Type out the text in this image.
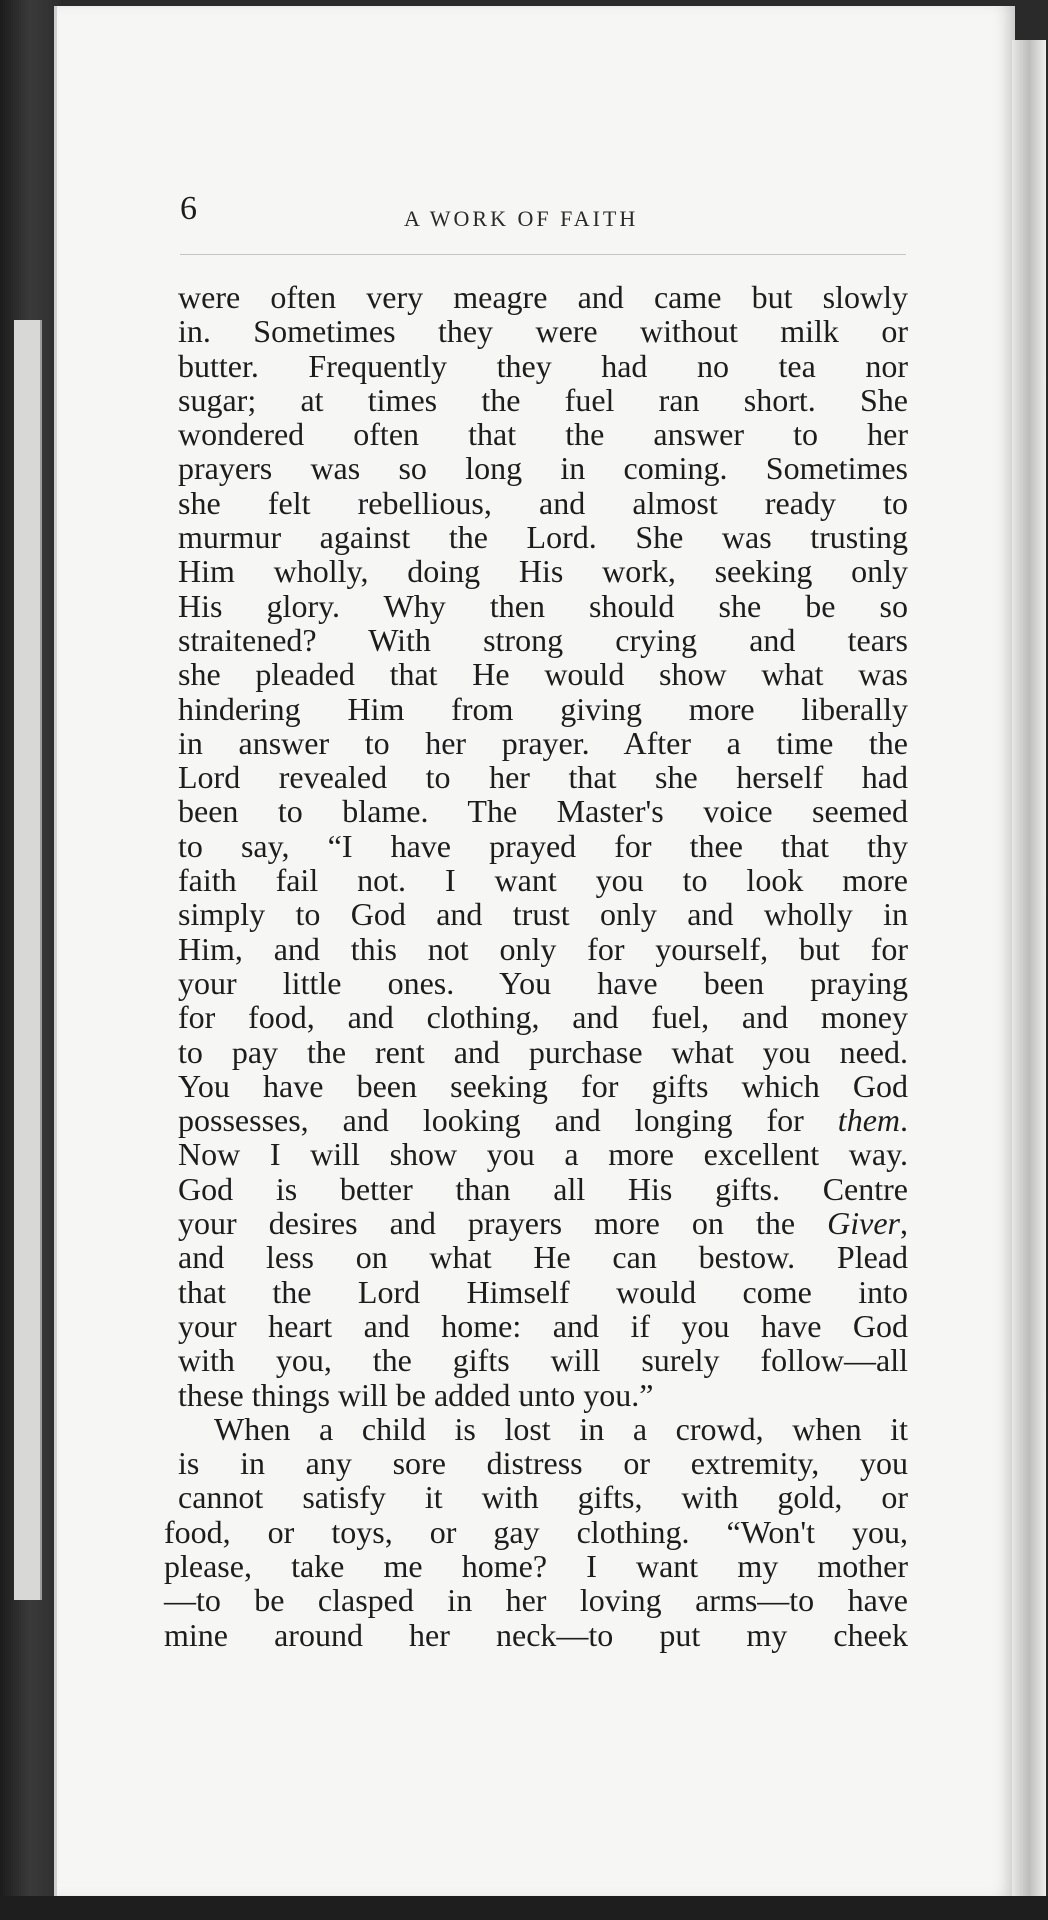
6	A WORK OF FAITH
were often very meagre and came but slowly
in. Sometimes they were without milk or
butter. Frequently they had no tea nor
sugar; at times the fuel ran short. She
wondered often that the answer to her
prayers was so long in coming. Sometimes
she felt rebellious, and almost ready to
murmur against the Lord. She was trusting
Him wholly, doing His work, seeking only
His glory. Why then should she be so
straitened? With strong crying and tears
she pleaded that He would show what was
hindering Him from giving more liberally
in answer to her prayer. After a time the
Lord revealed to her that she herself had
been to blame. The Master's voice seemed
to say, “I have prayed for thee that thy
faith fail not. I want you to look more
simply to God and trust only and wholly in
Him, and this not only for yourself, but for
your little ones. You have been praying
for food, and clothing, and fuel, and money
to pay the rent and purchase what you need.
You have been seeking for gifts which God
possesses, and looking and longing for them.
Now I will show you a more excellent way.
God is better than all His gifts. Centre
your desires and prayers more on the Giver,
and less on what He can bestow. Plead
that the Lord Himself would come into
your heart and home: and if you have God
with you, the gifts will surely follow—all
these things will be added unto you.”
When a child is lost in a crowd, when it
is in any sore distress or extremity, you
cannot satisfy it with gifts, with gold, or
food, or toys, or gay clothing. “Won't you,
please, take me home? I want my mother
—to be clasped in her loving arms—to have
mine around her neck—to put my cheek
